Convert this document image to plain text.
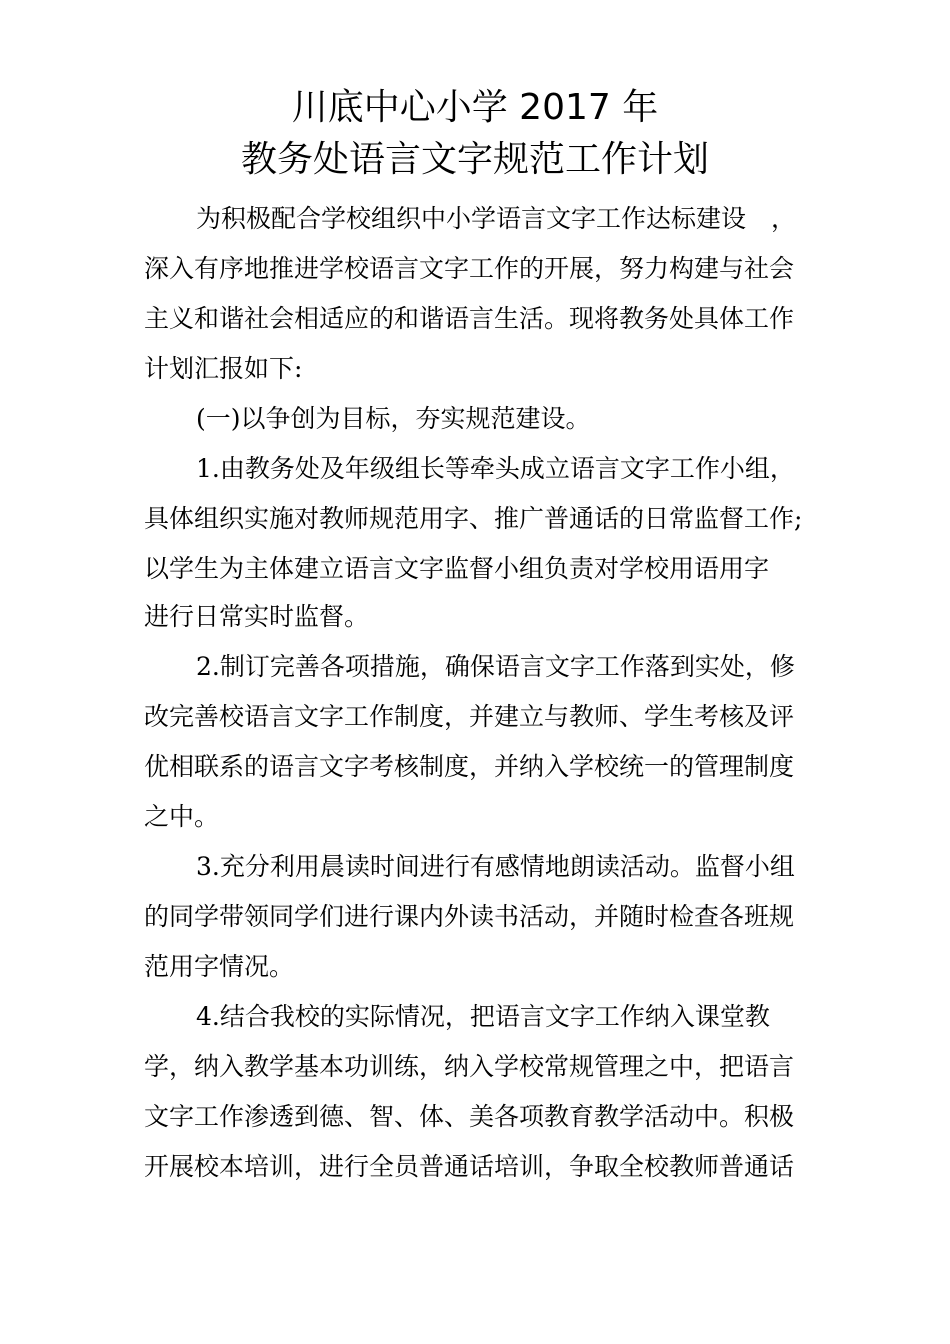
川底中心小学 2017 年
教务处语言文字规范工作计划
为积极配合学校组织中小学语言文字工作达标建设　，
深入有序地推进学校语言文字工作的开展，努力构建与社会
主义和谐社会相适应的和谐语言生活。现将教务处具体工作
计划汇报如下:
(一)以争创为目标，夯实规范建设。
1.由教务处及年级组长等牵头成立语言文字工作小组，
具体组织实施对教师规范用字、推广普通话的日常监督工作;
以学生为主体建立语言文字监督小组负责对学校用语用字
进行日常实时监督。
2.制订完善各项措施，确保语言文字工作落到实处，修
改完善校语言文字工作制度，并建立与教师、学生考核及评
优相联系的语言文字考核制度，并纳入学校统一的管理制度
之中。
3.充分利用晨读时间进行有感情地朗读活动。监督小组
的同学带领同学们进行课内外读书活动，并随时检查各班规
范用字情况。
4.结合我校的实际情况，把语言文字工作纳入课堂教
学，纳入教学基本功训练，纳入学校常规管理之中，把语言
文字工作渗透到德、智、体、美各项教育教学活动中。积极
开展校本培训，进行全员普通话培训，争取全校教师普通话
